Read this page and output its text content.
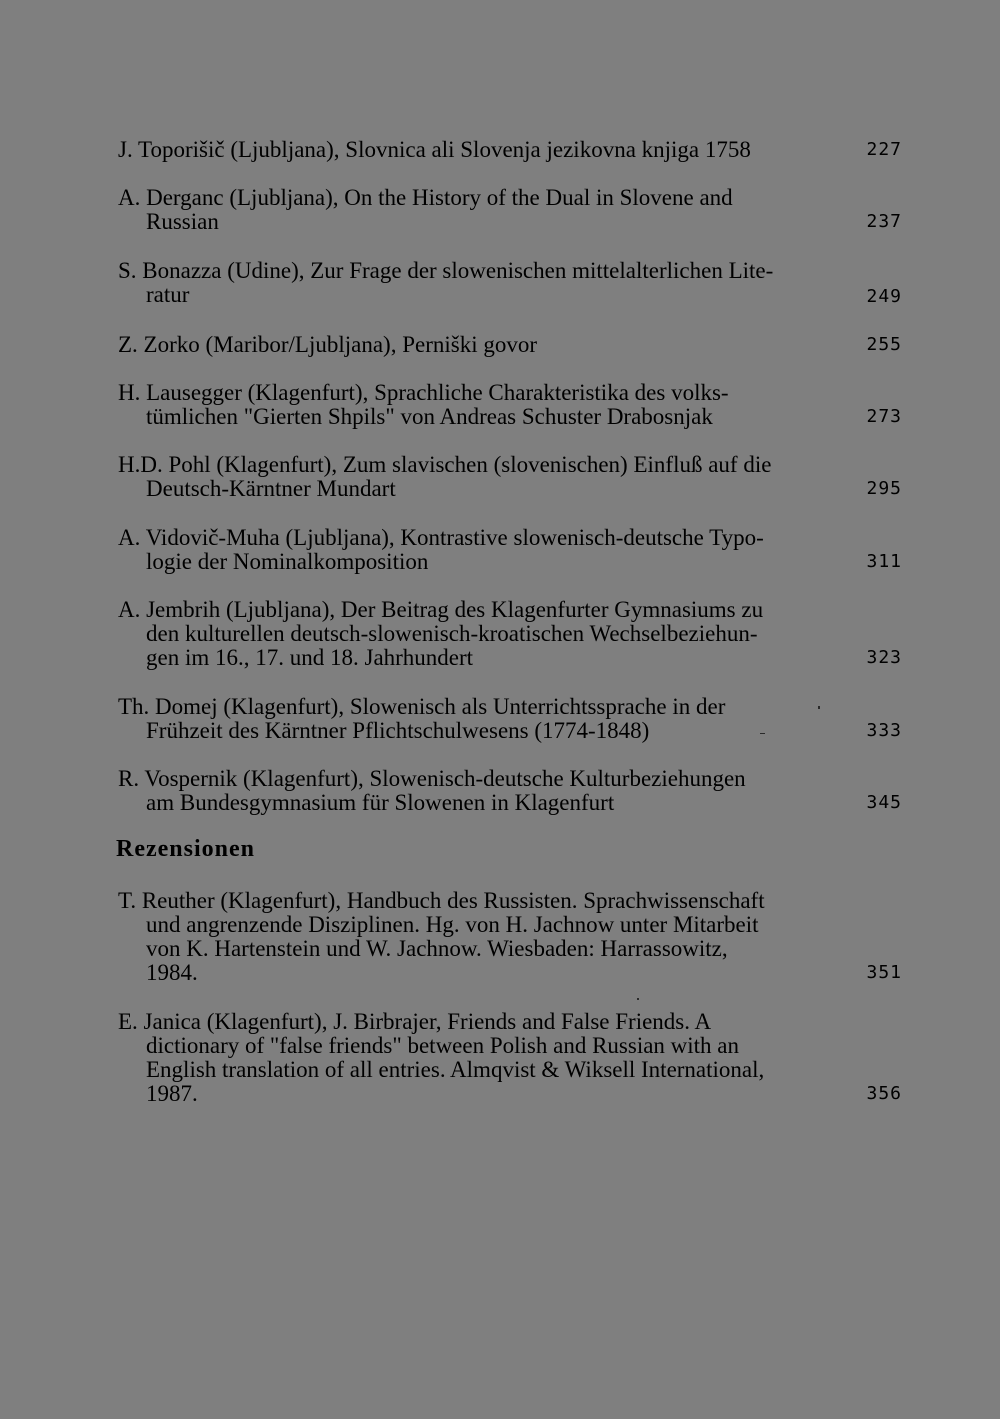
J. Toporišič (Ljubljana), Slovnica ali Slovenja jezikovna knjiga 1758	227
A. Derganc (Ljubljana), On the History of the Dual in Slovene and
Russian	237
S. Bonazza (Udine), Zur Frage der slowenischen mittelalterlichen Lite-
ratur	249
Z. Zorko (Maribor/Ljubljana), Perniški govor	255
H. Lausegger (Klagenfurt), Sprachliche Charakteristika des volks-
tümlichen "Gierten Shpils" von Andreas Schuster Drabosnjak	273
H.D. Pohl (Klagenfurt), Zum slavischen (slovenischen) Einfluß auf die
Deutsch-Kärntner Mundart	295
A. Vidovič-Muha (Ljubljana), Kontrastive slowenisch-deutsche Typo-
logie der Nominalkomposition	311
A. Jembrih (Ljubljana), Der Beitrag des Klagenfurter Gymnasiums zu
den kulturellen deutsch-slowenisch-kroatischen Wechselbeziehun-
gen im 16., 17. und 18. Jahrhundert	323
Th. Domej (Klagenfurt), Slowenisch als Unterrichtssprache in der
Frühzeit des Kärntner Pflichtschulwesens (1774-1848)	333
R. Vospernik (Klagenfurt), Slowenisch-deutsche Kulturbeziehungen
am Bundesgymnasium für Slowenen in Klagenfurt	345
Rezensionen
T. Reuther (Klagenfurt), Handbuch des Russisten. Sprachwissenschaft
und angrenzende Disziplinen. Hg. von H. Jachnow unter Mitarbeit
von K. Hartenstein und W. Jachnow. Wiesbaden: Harrassowitz,
1984.	351
E. Janica (Klagenfurt), J. Birbrajer, Friends and False Friends. A
dictionary of "false friends" between Polish and Russian with an
English translation of all entries. Almqvist & Wiksell International,
1987.	356
